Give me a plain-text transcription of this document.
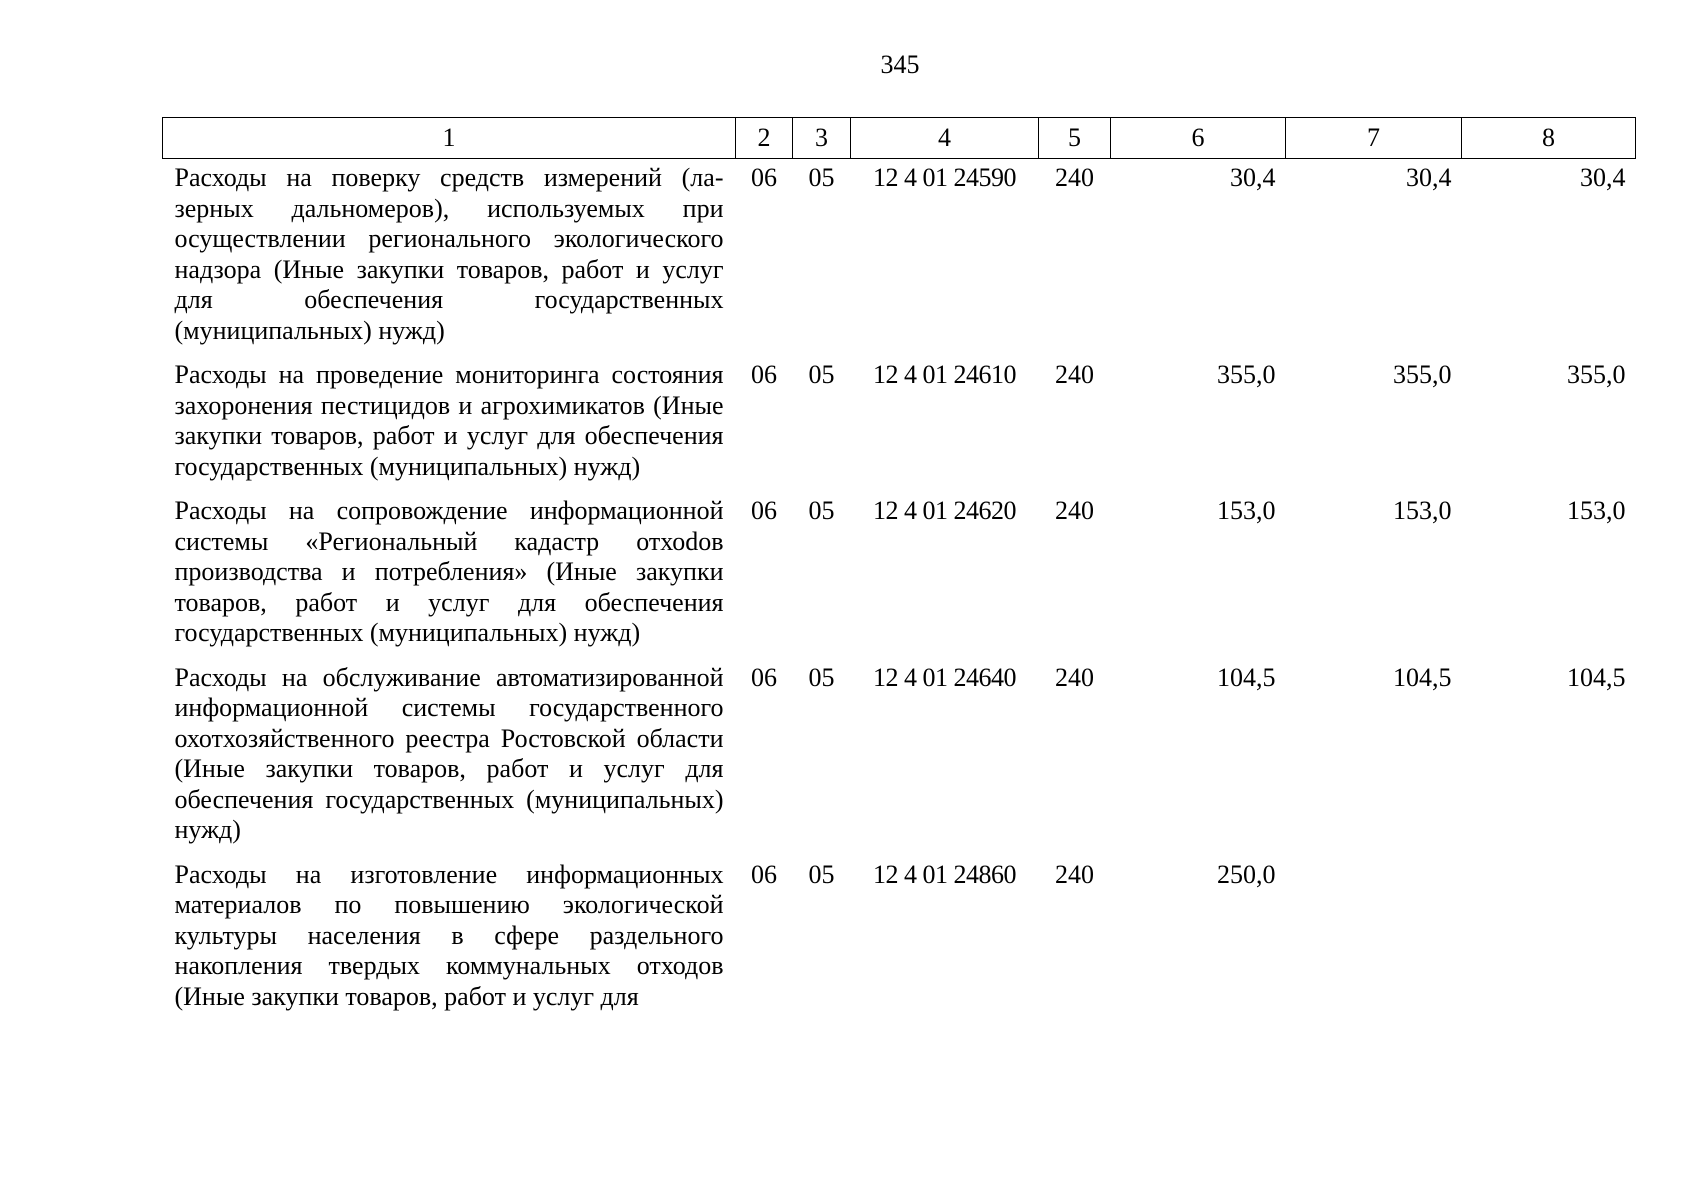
345
1	2	3	4	5	6	7	8
Расходы на поверку средств измерений (лазерных дальномеров), используемых при осуществлении регионального экологического надзора (Иные закупки товаров, работ и услуг для обеспечения государственных (муниципальных) нужд)	06	05	12 4 01 24590	240	30,4	30,4	30,4
Расходы на проведение мониторинга состояния захоронения пестицидов и агрохимикатов (Иные закупки товаров, работ и услуг для обеспечения государственных (муниципальных) нужд)	06	05	12 4 01 24610	240	355,0	355,0	355,0
Расходы на сопровождение информационной системы «Региональный кадастр отхоdов производства и потребления» (Иные закупки товаров, работ и услуг для обеспечения государственных (муниципальных) нужд)	06	05	12 4 01 24620	240	153,0	153,0	153,0
Расходы на обслуживание автоматизированной информационной системы государственного охотхозяйственного реестра Ростовской области (Иные закупки товаров, работ и услуг для обеспечения государственных (муниципальных) нужд)	06	05	12 4 01 24640	240	104,5	104,5	104,5
Расходы на изготовление информационных материалов по повышению экологической культуры населения в сфере раздельного накопления твердых коммунальных отходов (Иные закупки товаров, работ и услуг для	06	05	12 4 01 24860	240	250,0		
